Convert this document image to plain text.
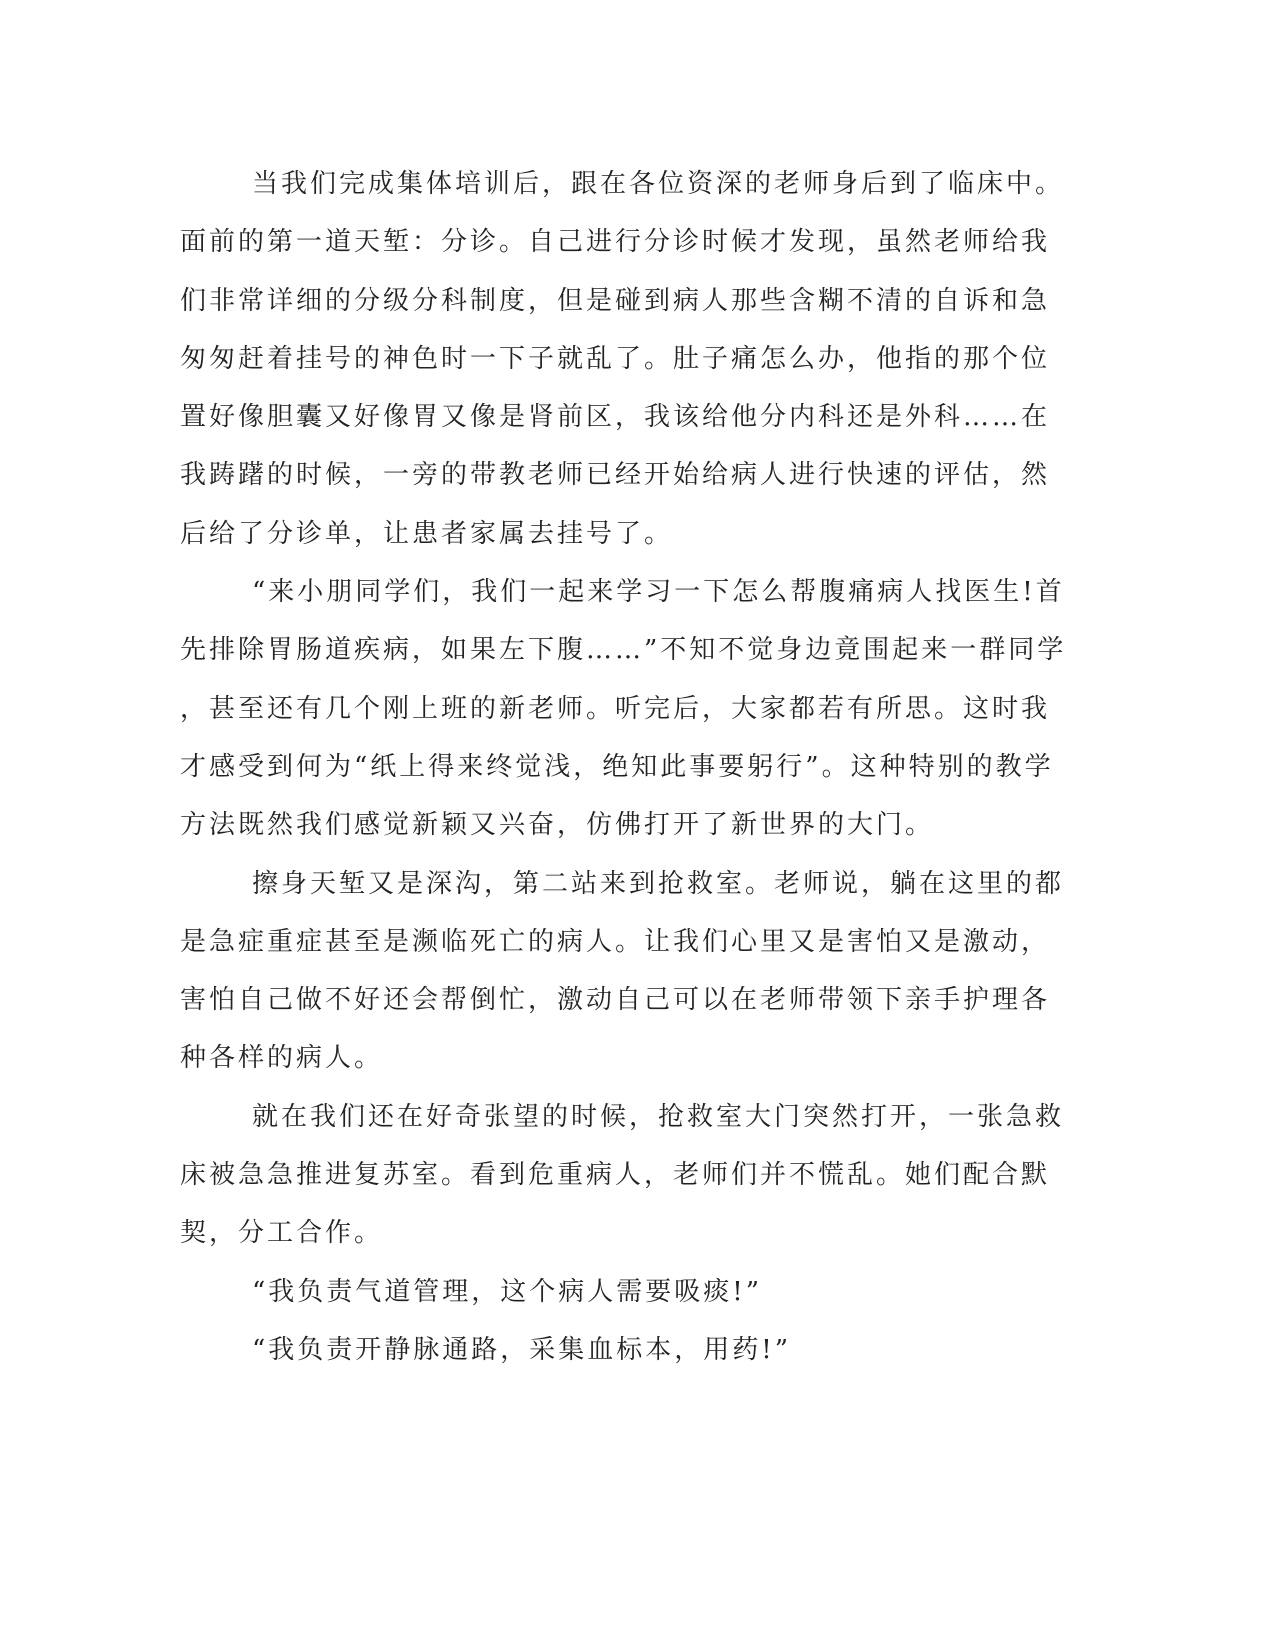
当我们完成集体培训后，跟在各位资深的老师身后到了临床中。
面前的第一道天堑：分诊。自己进行分诊时候才发现，虽然老师给我
们非常详细的分级分科制度，但是碰到病人那些含糊不清的自诉和急
匆匆赶着挂号的神色时一下子就乱了。肚子痛怎么办，他指的那个位
置好像胆囊又好像胃又像是肾前区，我该给他分内科还是外科……在
我踌躇的时候，一旁的带教老师已经开始给病人进行快速的评估，然
后给了分诊单，让患者家属去挂号了。
“来小朋同学们，我们一起来学习一下怎么帮腹痛病人找医生!首
先排除胃肠道疾病，如果左下腹……”不知不觉身边竟围起来一群同学
，甚至还有几个刚上班的新老师。听完后，大家都若有所思。这时我
才感受到何为“纸上得来终觉浅，绝知此事要躬行”。这种特别的教学
方法既然我们感觉新颖又兴奋，仿佛打开了新世界的大门。
擦身天堑又是深沟，第二站来到抢救室。老师说，躺在这里的都
是急症重症甚至是濒临死亡的病人。让我们心里又是害怕又是激动，
害怕自己做不好还会帮倒忙，激动自己可以在老师带领下亲手护理各
种各样的病人。
就在我们还在好奇张望的时候，抢救室大门突然打开，一张急救
床被急急推进复苏室。看到危重病人，老师们并不慌乱。她们配合默
契，分工合作。
“我负责气道管理，这个病人需要吸痰!”
“我负责开静脉通路，采集血标本，用药!”
